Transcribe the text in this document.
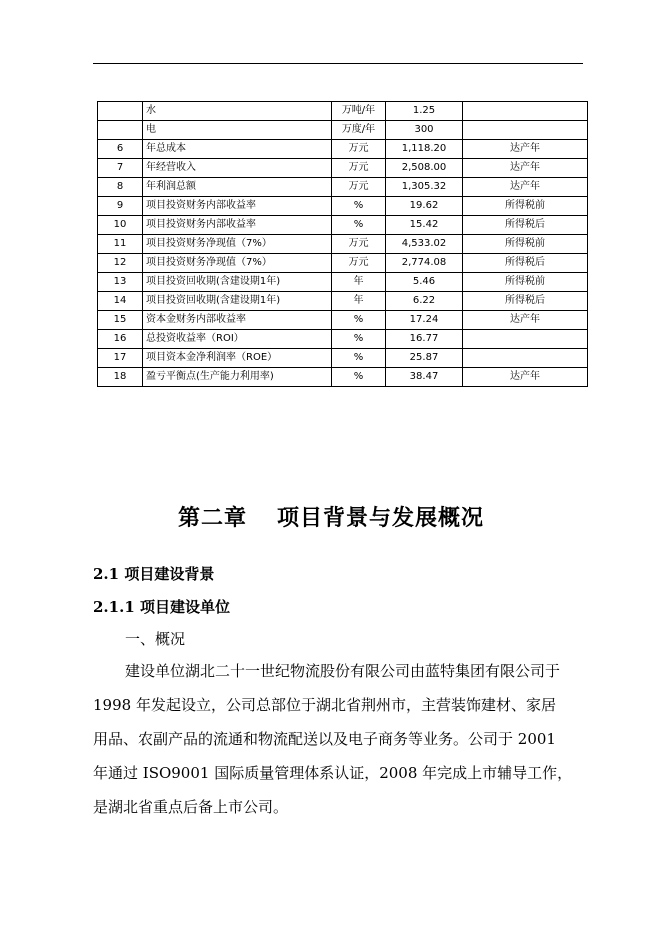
	水	万吨/年	1.25	
	电	万度/年	300	
6	年总成本	万元	1,118.20	达产年
7	年经营收入	万元	2,508.00	达产年
8	年利润总额	万元	1,305.32	达产年
9	项目投资财务内部收益率	%	19.62	所得税前
10	项目投资财务内部收益率	%	15.42	所得税后
11	项目投资财务净现值（7%）	万元	4,533.02	所得税前
12	项目投资财务净现值（7%）	万元	2,774.08	所得税后
13	项目投资回收期(含建设期1年)	年	5.46	所得税前
14	项目投资回收期(含建设期1年)	年	6.22	所得税后
15	资本金财务内部收益率	%	17.24	达产年
16	总投资收益率（ROI）	%	16.77	
17	项目资本金净利润率（ROE）	%	25.87	
18	盈亏平衡点(生产能力利用率)	%	38.47	达产年
第二章 项目背景与发展概况
2.1 项目建设背景
2.1.1 项目建设单位
一、概况
建设单位湖北二十一世纪物流股份有限公司由蓝特集团有限公司于
1998 年发起设立，公司总部位于湖北省荆州市，主营装饰建材、家居
用品、农副产品的流通和物流配送以及电子商务等业务。公司于 2001
年通过 ISO9001 国际质量管理体系认证，2008 年完成上市辅导工作，
是湖北省重点后备上市公司。
